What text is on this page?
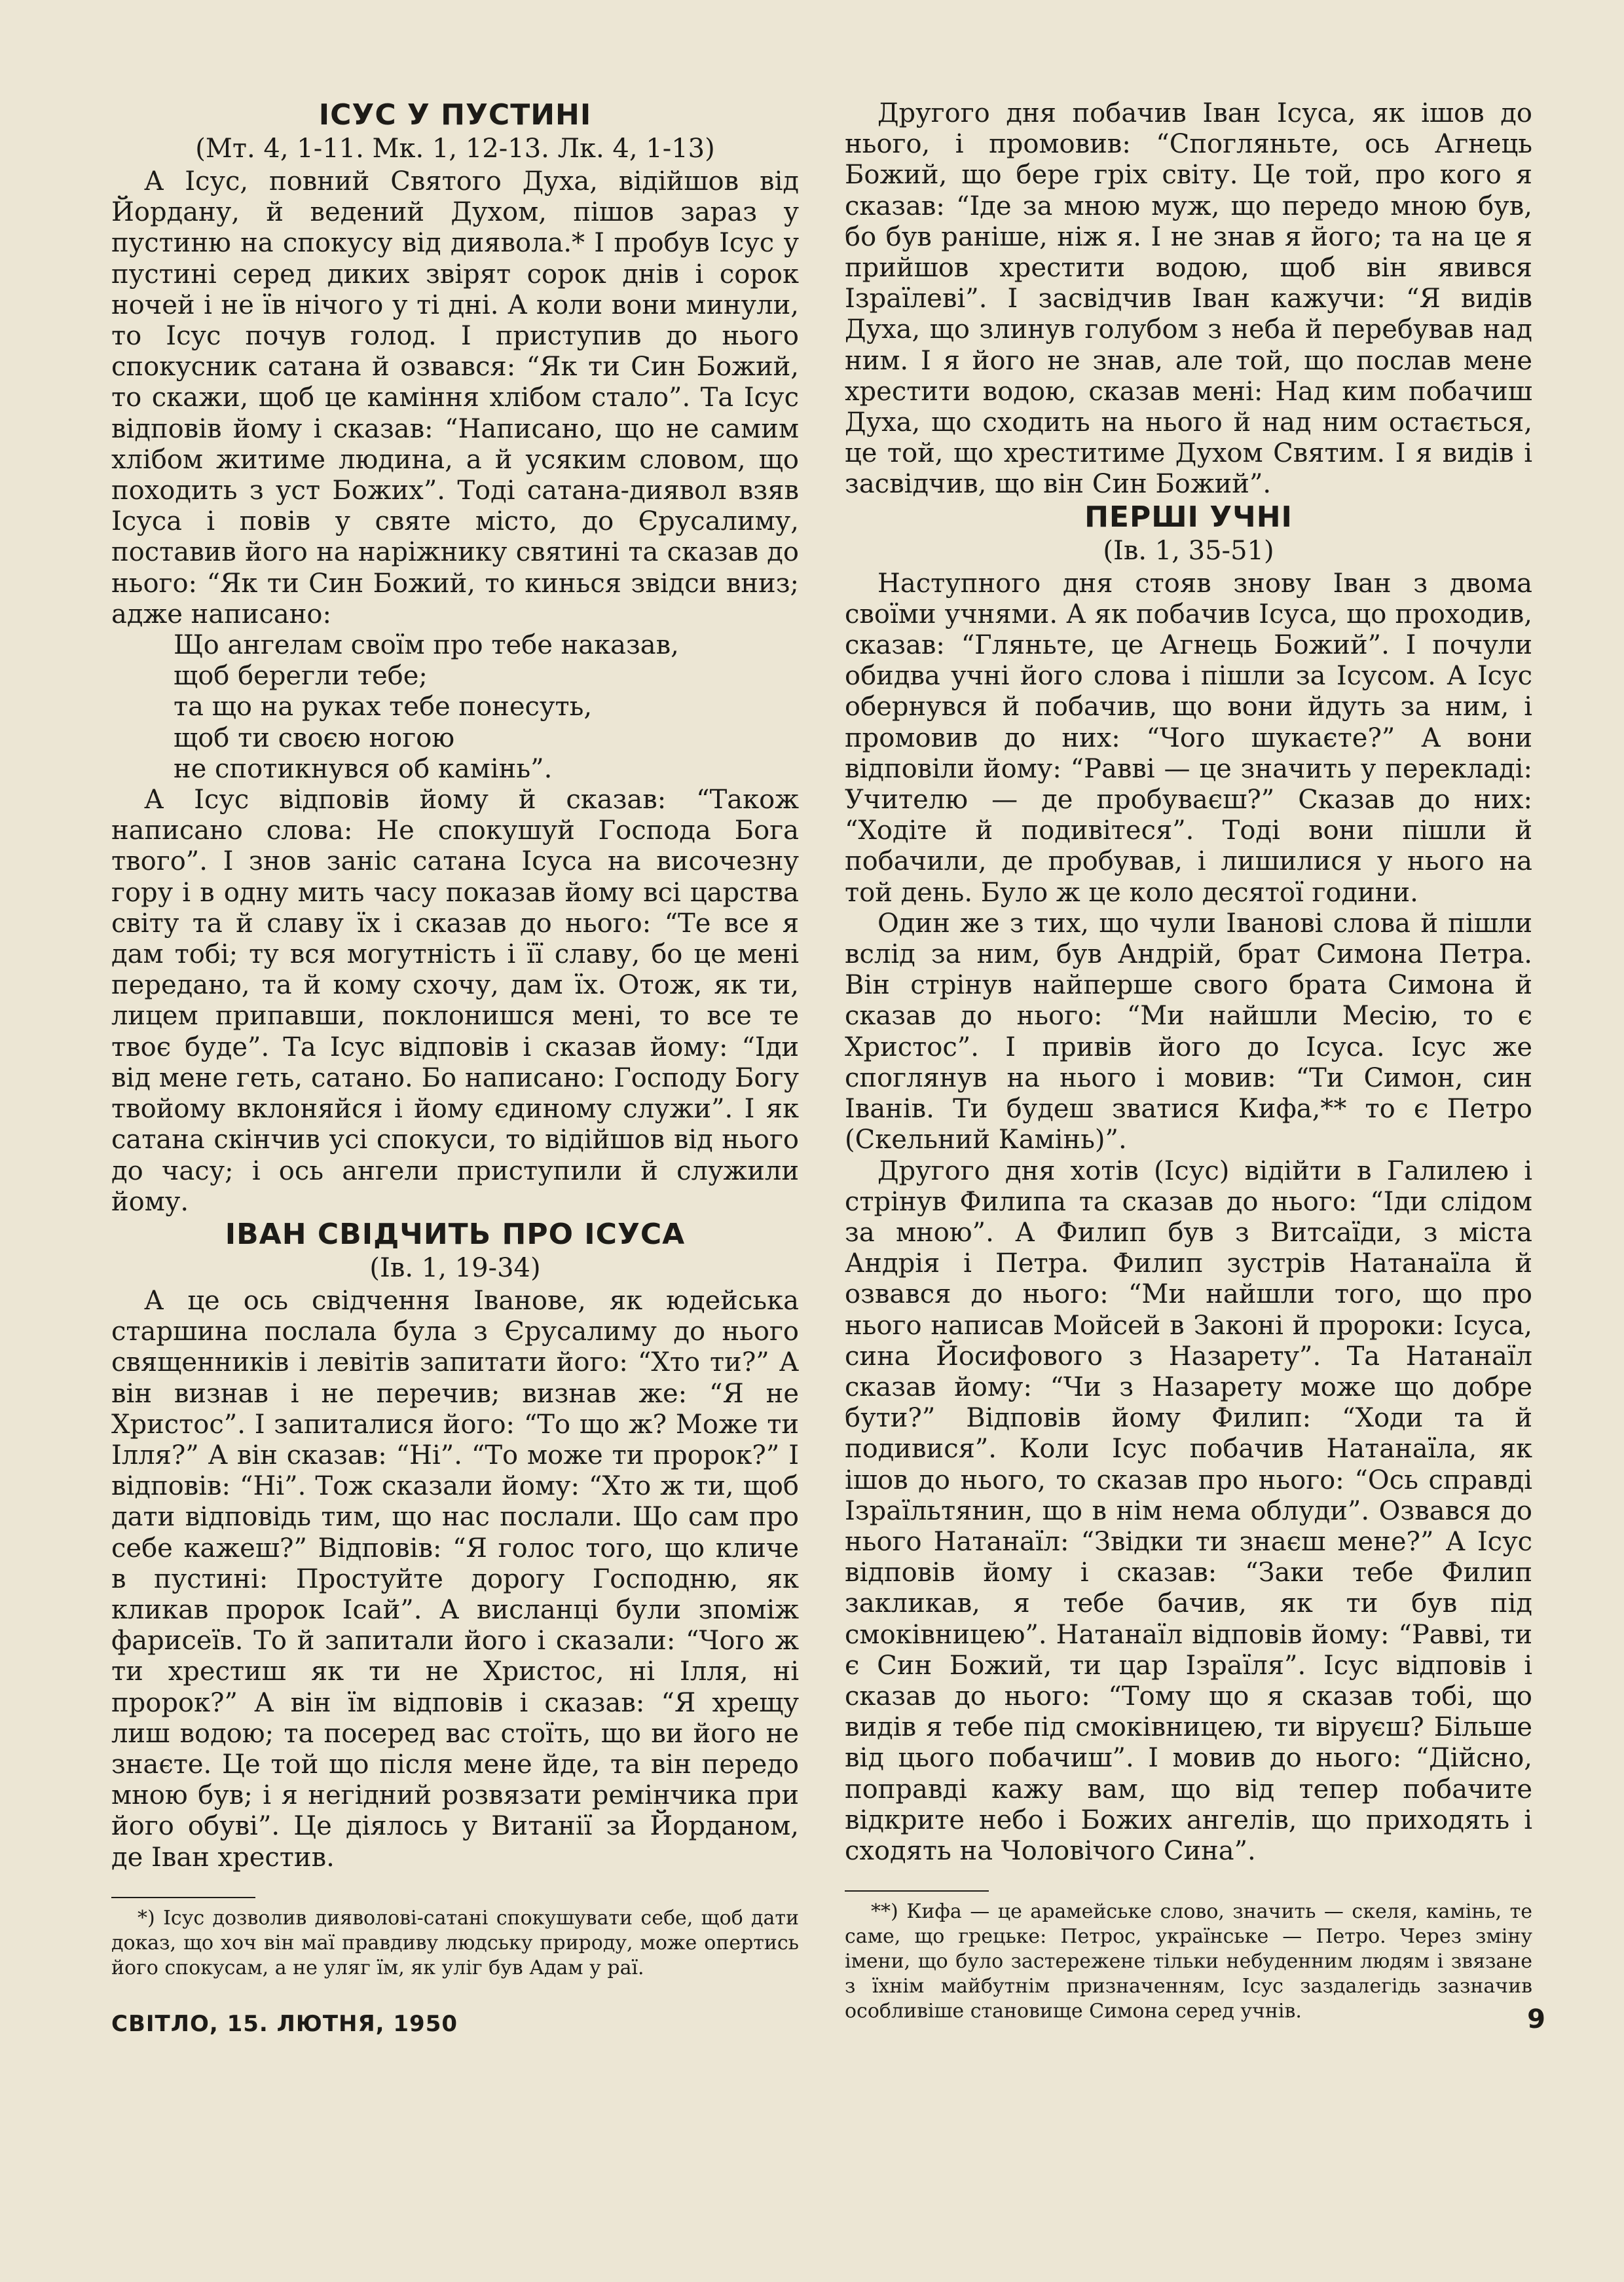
ІСУС У ПУСТИНІ
(Мт. 4, 1-11. Мк. 1, 12-13. Лк. 4, 1-13)

А Ісус, повний Святого Духа, відійшов від Йордану, й ведений Духом, пішов зараз у пустиню на спокусу від диявола.* І пробув Ісус у пустині серед диких звірят сорок днів і сорок ночей і не їв нічого у ті дні. А коли вони минули, то Ісус почув голод. І приступив до нього спокусник сатана й озвався: “Як ти Син Божий, то скажи, щоб це каміння хлібом стало”. Та Ісус відповів йому і сказав: “Написано, що не самим хлібом житиме людина, а й усяким словом, що походить з уст Божих”. Тоді сатана-диявол взяв Ісуса і повів у святе місто, до Єрусалиму, поставив його на наріжнику святині та сказав до нього: “Як ти Син Божий, то кинься звідси вниз; адже написано:

Що ангелам своїм про тебе наказав,
щоб берегли тебе;
та що на руках тебе понесуть,
щоб ти своєю ногою
не спотикнувся об камінь”.

А Ісус відповів йому й сказав: “Також написано слова: Не спокушуй Господа Бога твого”. І знов заніс сатана Ісуса на височезну гору і в одну мить часу показав йому всі царства світу та й славу їх і сказав до нього: “Те все я дам тобі; ту вся могутність і її славу, бо це мені передано, та й кому схочу, дам їх. Отож, як ти, лицем припавши, поклонишся мені, то все те твоє буде”. Та Ісус відповів і сказав йому: “Іди від мене геть, сатано. Бо написано: Господу Богу твойому вклоняйся і йому єдиному служи”. І як сатана скінчив усі спокуси, то відійшов від нього до часу; і ось ангели приступили й служили йому.

ІВАН СВІДЧИТЬ ПРО ІСУСА
(Ів. 1, 19-34)

А це ось свідчення Іванове, як юдейська старшина послала була з Єрусалиму до нього священників і левітів запитати його: “Хто ти?” А він визнав і не перечив; визнав же: “Я не Христос”. І запиталися його: “То що ж? Може ти Ілля?” А він сказав: “Ні”. “То може ти пророк?” І відповів: “Ні”. Тож сказали йому: “Хто ж ти, щоб дати відповідь тим, що нас послали. Що сам про себе кажеш?” Відповів: “Я голос того, що кличе в пустині: Простуйте дорогу Господню, як кликав пророк Ісай”. А висланці були зпоміж фарисеїв. То й запитали його і сказали: “Чого ж ти хрестиш як ти не Христос, ні Ілля, ні пророк?” А він їм відповів і сказав: “Я хрещу лиш водою; та посеред вас стоїть, що ви його не знаєте. Це той що після мене йде, та він передо мною був; і я негідний розвязати ремінчика при його обуві”. Це діялось у Витанії за Йорданом, де Іван хрестив.

*) Ісус дозволив дияволові-сатані спокушувати себе, щоб дати доказ, що хоч він маї правдиву людську природу, може опертись його спокусам, а не уляг їм, як уліг був Адам у раї.

Другого дня побачив Іван Ісуса, як ішов до нього, і промовив: “Спогляньте, ось Агнець Божий, що бере гріх світу. Це той, про кого я сказав: “Іде за мною муж, що передо мною був, бо був раніше, ніж я. І не знав я його; та на це я прийшов хрестити водою, щоб він явився Ізраїлеві”. І засвідчив Іван кажучи: “Я видів Духа, що злинув голубом з неба й перебував над ним. І я його не знав, але той, що послав мене хрестити водою, сказав мені: Над ким побачиш Духа, що сходить на нього й над ним остається, це той, що хреститиме Духом Святим. І я видів і засвідчив, що він Син Божий”.

ПЕРШІ УЧНІ
(Ів. 1, 35-51)

Наступного дня стояв знову Іван з двома своїми учнями. А як побачив Ісуса, що проходив, сказав: “Гляньте, це Агнець Божий”. І почули обидва учні його слова і пішли за Ісусом. А Ісус обернувся й побачив, що вони йдуть за ним, і промовив до них: “Чого шукаєте?” А вони відповіли йому: “Равві — це значить у перекладі: Учителю — де пробуваєш?” Сказав до них: “Ходіте й подивітеся”. Тоді вони пішли й побачили, де пробував, і лишилися у нього на той день. Було ж це коло десятої години.

Один же з тих, що чули Іванові слова й пішли вслід за ним, був Андрій, брат Симона Петра. Він стрінув найперше свого брата Симона й сказав до нього: “Ми найшли Месію, то є Христос”. І привів його до Ісуса. Ісус же споглянув на нього і мовив: “Ти Симон, син Іванів. Ти будеш зватися Кифа,** то є Петро (Скельний Камінь)”.

Другого дня хотів (Ісус) відійти в Галилею і стрінув Филипа та сказав до нього: “Іди слідом за мною”. А Филип був з Витсаїди, з міста Андрія і Петра. Филип зустрів Натанаїла й озвався до нього: “Ми найшли того, що про нього написав Мойсей в Законі й пророки: Ісуса, сина Йосифового з Назарету”. Та Натанаїл сказав йому: “Чи з Назарету може що добре бути?” Відповів йому Филип: “Ходи та й подивися”. Коли Ісус побачив Натанаїла, як ішов до нього, то сказав про нього: “Ось справді Ізраїльтянин, що в нім нема облуди”. Озвався до нього Натанаїл: “Звідки ти знаєш мене?” А Ісус відповів йому і сказав: “Заки тебе Филип закликав, я тебе бачив, як ти був під смоківницею”. Натанаїл відповів йому: “Равві, ти є Син Божий, ти цар Ізраїля”. Ісус відповів і сказав до нього: “Тому що я сказав тобі, що видів я тебе під смоківницею, ти віруєш? Більше від цього побачиш”. І мовив до нього: “Дійсно, поправді кажу вам, що від тепер побачите відкрите небо і Божих ангелів, що приходять і сходять на Чоловічого Сина”.

**) Кифа — це арамейське слово, значить — скеля, камінь, те саме, що грецьке: Петрос, українське — Петро. Через зміну імени, що було застережене тільки небуденним людям і звязане з їхнім майбутнім призначенням, Ісус заздалегідь зазначив особливіше становище Симона серед учнів.

СВІТЛО, 15. ЛЮТНЯ, 1950	9
